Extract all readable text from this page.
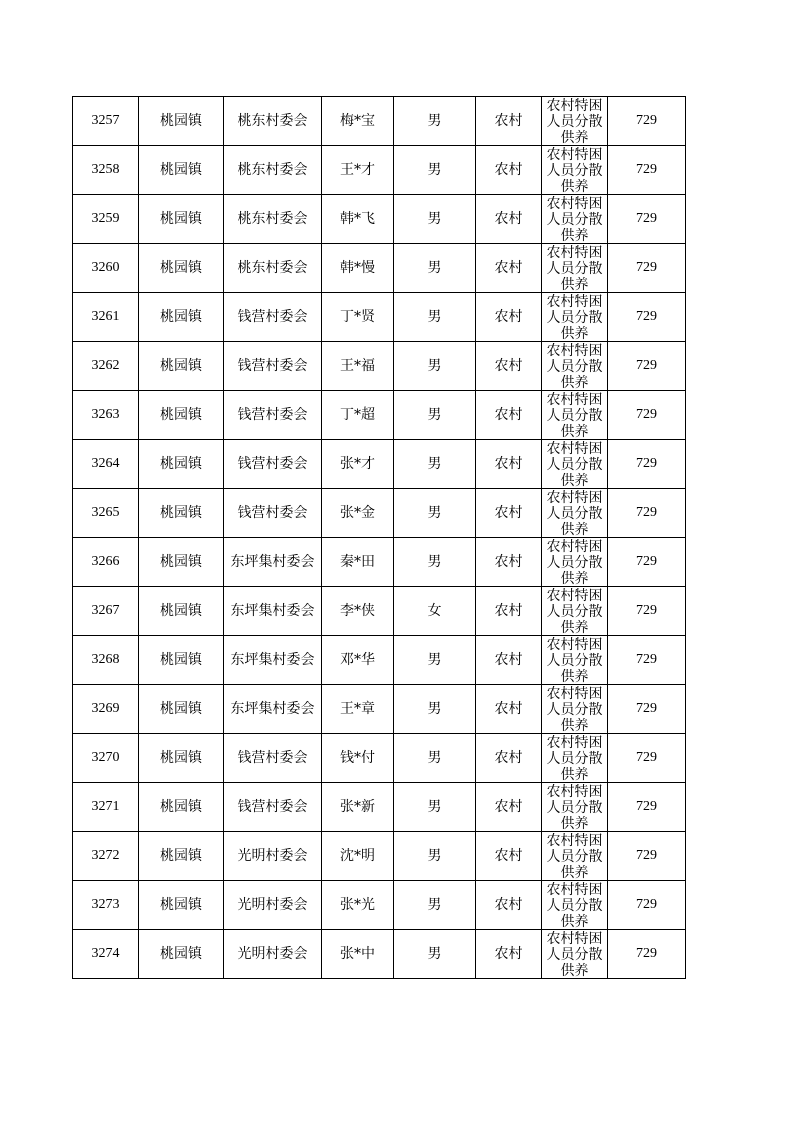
3257	桃园镇	桃东村委会	梅*宝	男	农村	农村特困人员分散供养	729
3258	桃园镇	桃东村委会	王*才	男	农村	农村特困人员分散供养	729
3259	桃园镇	桃东村委会	韩*飞	男	农村	农村特困人员分散供养	729
3260	桃园镇	桃东村委会	韩*慢	男	农村	农村特困人员分散供养	729
3261	桃园镇	钱营村委会	丁*贤	男	农村	农村特困人员分散供养	729
3262	桃园镇	钱营村委会	王*福	男	农村	农村特困人员分散供养	729
3263	桃园镇	钱营村委会	丁*超	男	农村	农村特困人员分散供养	729
3264	桃园镇	钱营村委会	张*才	男	农村	农村特困人员分散供养	729
3265	桃园镇	钱营村委会	张*金	男	农村	农村特困人员分散供养	729
3266	桃园镇	东坪集村委会	秦*田	男	农村	农村特困人员分散供养	729
3267	桃园镇	东坪集村委会	李*侠	女	农村	农村特困人员分散供养	729
3268	桃园镇	东坪集村委会	邓*华	男	农村	农村特困人员分散供养	729
3269	桃园镇	东坪集村委会	王*章	男	农村	农村特困人员分散供养	729
3270	桃园镇	钱营村委会	钱*付	男	农村	农村特困人员分散供养	729
3271	桃园镇	钱营村委会	张*新	男	农村	农村特困人员分散供养	729
3272	桃园镇	光明村委会	沈*明	男	农村	农村特困人员分散供养	729
3273	桃园镇	光明村委会	张*光	男	农村	农村特困人员分散供养	729
3274	桃园镇	光明村委会	张*中	男	农村	农村特困人员分散供养	729
